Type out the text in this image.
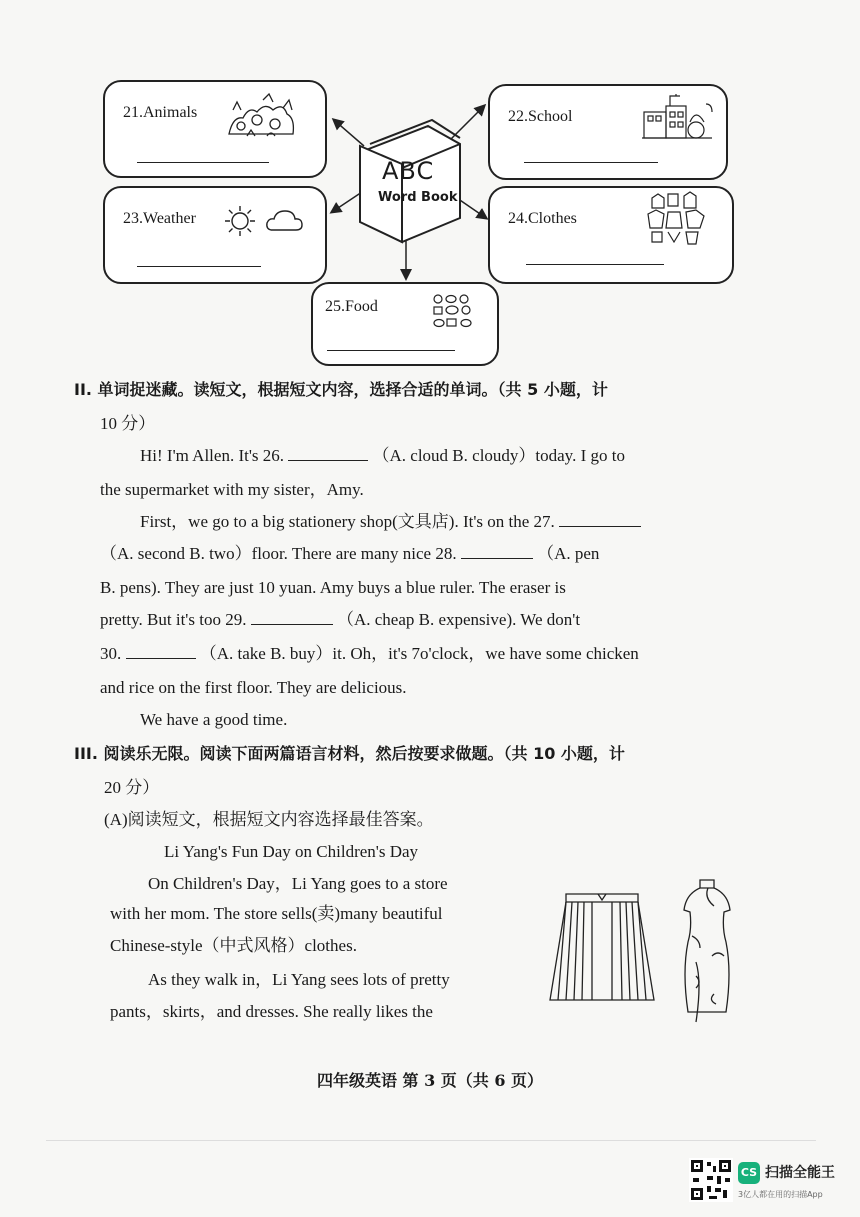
21.Animals
23.Weather
22.School
24.Clothes
25.Food
ABC
Word Book
II. 单词捉迷藏。读短文，根据短文内容，选择合适的单词。（共 5 小题，计
10 分）
Hi! I'm Allen. It's 26.	（A. cloud B. cloudy）today. I go to
the supermarket with my sister，Amy.
First，we go to a big stationery shop(文具店). It's on the 27.
（A. second B. two）floor. There are many nice 28.	（A. pen
B. pens). They are just 10 yuan. Amy buys a blue ruler. The eraser is
pretty. But it's too 29.	（A. cheap B. expensive). We don't
30.	（A. take B. buy）it. Oh，it's 7o'clock，we have some chicken
and rice on the first floor. They are delicious.
We have a good time.
III. 阅读乐无限。阅读下面两篇语言材料，然后按要求做题。（共 10 小题，计
20 分）
(A)阅读短文，根据短文内容选择最佳答案。
Li Yang's Fun Day on Children's Day
On Children's Day，Li Yang goes to a store
with her mom. The store sells(卖)many beautiful
Chinese-style（中式风格）clothes.
As they walk in，Li Yang sees lots of pretty
pants，skirts，and dresses. She really likes the
四年级英语 第 3 页（共 6 页）
CS 扫描全能王
3亿人都在用的扫描App
